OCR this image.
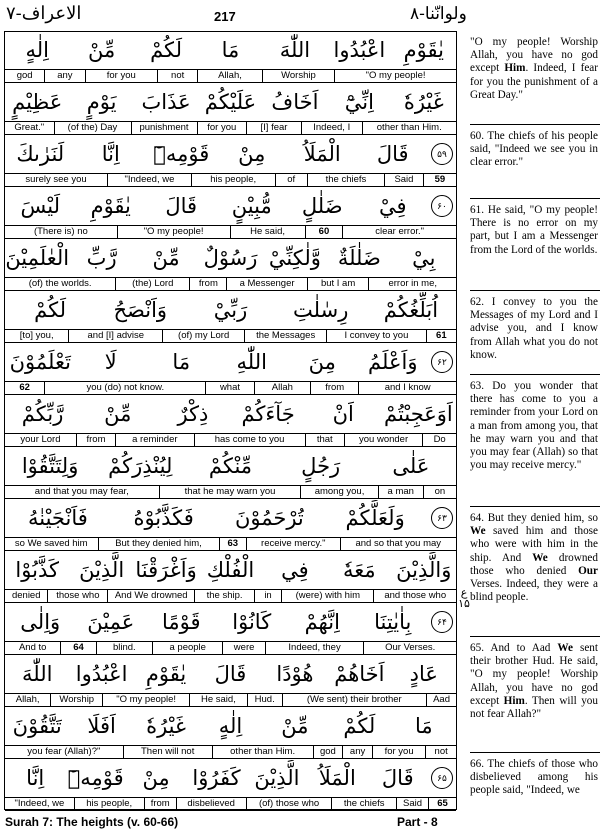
الاعراف-٧	217	ولوانّنا-٨
اِلٰهٍ	مِّنْ	لَكُمْ	مَا	اللّٰهَ	اعْبُدُوا يٰقَوْمِ
god	any	for you	not	Allah,	Worship	"O my people!
عَظِيْمٍ	يَوْمٍ	عَذَابَ عَلَيْكُمْ اَخَافُ	اِنِّيْٓ	غَيْرُهٗ
Great."	(of the) Day	punishment	for you	[I] fear	Indeed, I	other than Him.
لَنَرٰىكَ	اِنَّا	قَوْمِهٖٓ	مِنْ	الْمَلَاُ	قَالَ	۵۹
surely see you	"Indeed, we	his people,	of	the chiefs	Said	59
لَيْسَ	يٰقَوْمِ	قَالَ	مُّبِيْنٍ	ضَلٰلٍ	فِيْ	۶۰
(There is) no	"O my people!	He said,	60	clear error."
الْعٰلَمِيْنَ رَّبِّ	مِّنْ	رَسُوْلٌ وَّلٰكِنِّيْ ضَلٰلَةٌ	بِيْ
(of) the worlds.	(the) Lord	from	a Messenger	but I am	error in me,
لَكُمْ	وَاَنْصَحُ	رَبِّيْ	رِسٰلٰتِ	اُبَلِّغُكُمْ
[to] you,	and [I] advise	(of) my Lord	the Messages	I convey to you	61
تَعْلَمُوْنَ	لَا	مَا	اللّٰهِ	مِنَ	وَاَعْلَمُ	۶۲
62	you (do) not know.	what	Allah	from	and I know
رَّبِّكُمْ	مِّنْ	ذِكْرٌ	جَآءَكُمْ	اَنْ	اَوَعَجِبْتُمْ
your Lord	from	a reminder	has come to you	that	you wonder	Do
وَلِتَتَّقُوْا	لِيُنْذِرَكُمْ	مِّنْكُمْ	رَجُلٍ	عَلٰى
and that you may fear,	that he may warn you	among you,	a man	on
فَاَنْجَيْنٰهُ	فَكَذَّبُوْهُ	تُرْحَمُوْنَ	وَلَعَلَّكُمْ	۶۳
so We saved him	But they denied him,	63	receive mercy."	and so that you may
كَذَّبُوْا الَّذِيْنَ وَاَغْرَقْنَا الْفُلْكِ	فِي	مَعَهٗ وَالَّذِيْنَ
denied	those who	And We drowned	the ship.	in	(were) with him	and those who
وَاِلٰى	عَمِيْنَ	قَوْمًا	كَانُوْا	اِنَّهُمْ	بِاٰيٰتِنَا	۶۴
And to	64	blind.	a people	were	Indeed, they	Our Verses.
اللّٰهَ	اعْبُدُوا يٰقَوْمِ	قَالَ	هُوْدًا اَخَاهُمْ	عَادٍ
Allah,	Worship	"O my people!	He said,	Hud.	(We sent) their brother	Aad
تَتَّقُوْنَ	اَفَلَا	غَيْرُهٗ	اِلٰهٍ	مِّنْ	لَكُمْ	مَا
you fear (Allah)?"	Then will not	other than Him.	god	any	for you	not
اِنَّا	قَوْمِهٖٓ مِنْ	كَفَرُوْا الَّذِيْنَ الْمَلَاُ	قَالَ	۶۵
"Indeed, we	his people,	from	disbelieved	(of) those who	the chiefs	Said	65
ع ۱۵
"O my people! Worship Allah, you have no god except Him. Indeed, I fear for you the punishment of a Great Day."
60. The chiefs of his people said, "Indeed we see you in clear error."
61. He said, "O my people! There is no error on my part, but I am a Messenger from the Lord of the worlds.
62. I convey to you the Messages of my Lord and I advise you, and I know from Allah what you do not know.
63. Do you wonder that there has come to you a reminder from your Lord on a man from among you, that he may warn you and that you may fear (Allah) so that you may receive mercy."
64. But they denied him, so We saved him and those who were with him in the ship. And We drowned those who denied Our Verses. Indeed, they were a blind people.
65. And to Aad We sent their brother Hud. He said, "O my people! Worship Allah, you have no god except Him. Then will you not fear Allah?"
66. The chiefs of those who disbelieved among his people said, "Indeed, we
Surah 7: The heights (v. 60-66)	Part - 8
